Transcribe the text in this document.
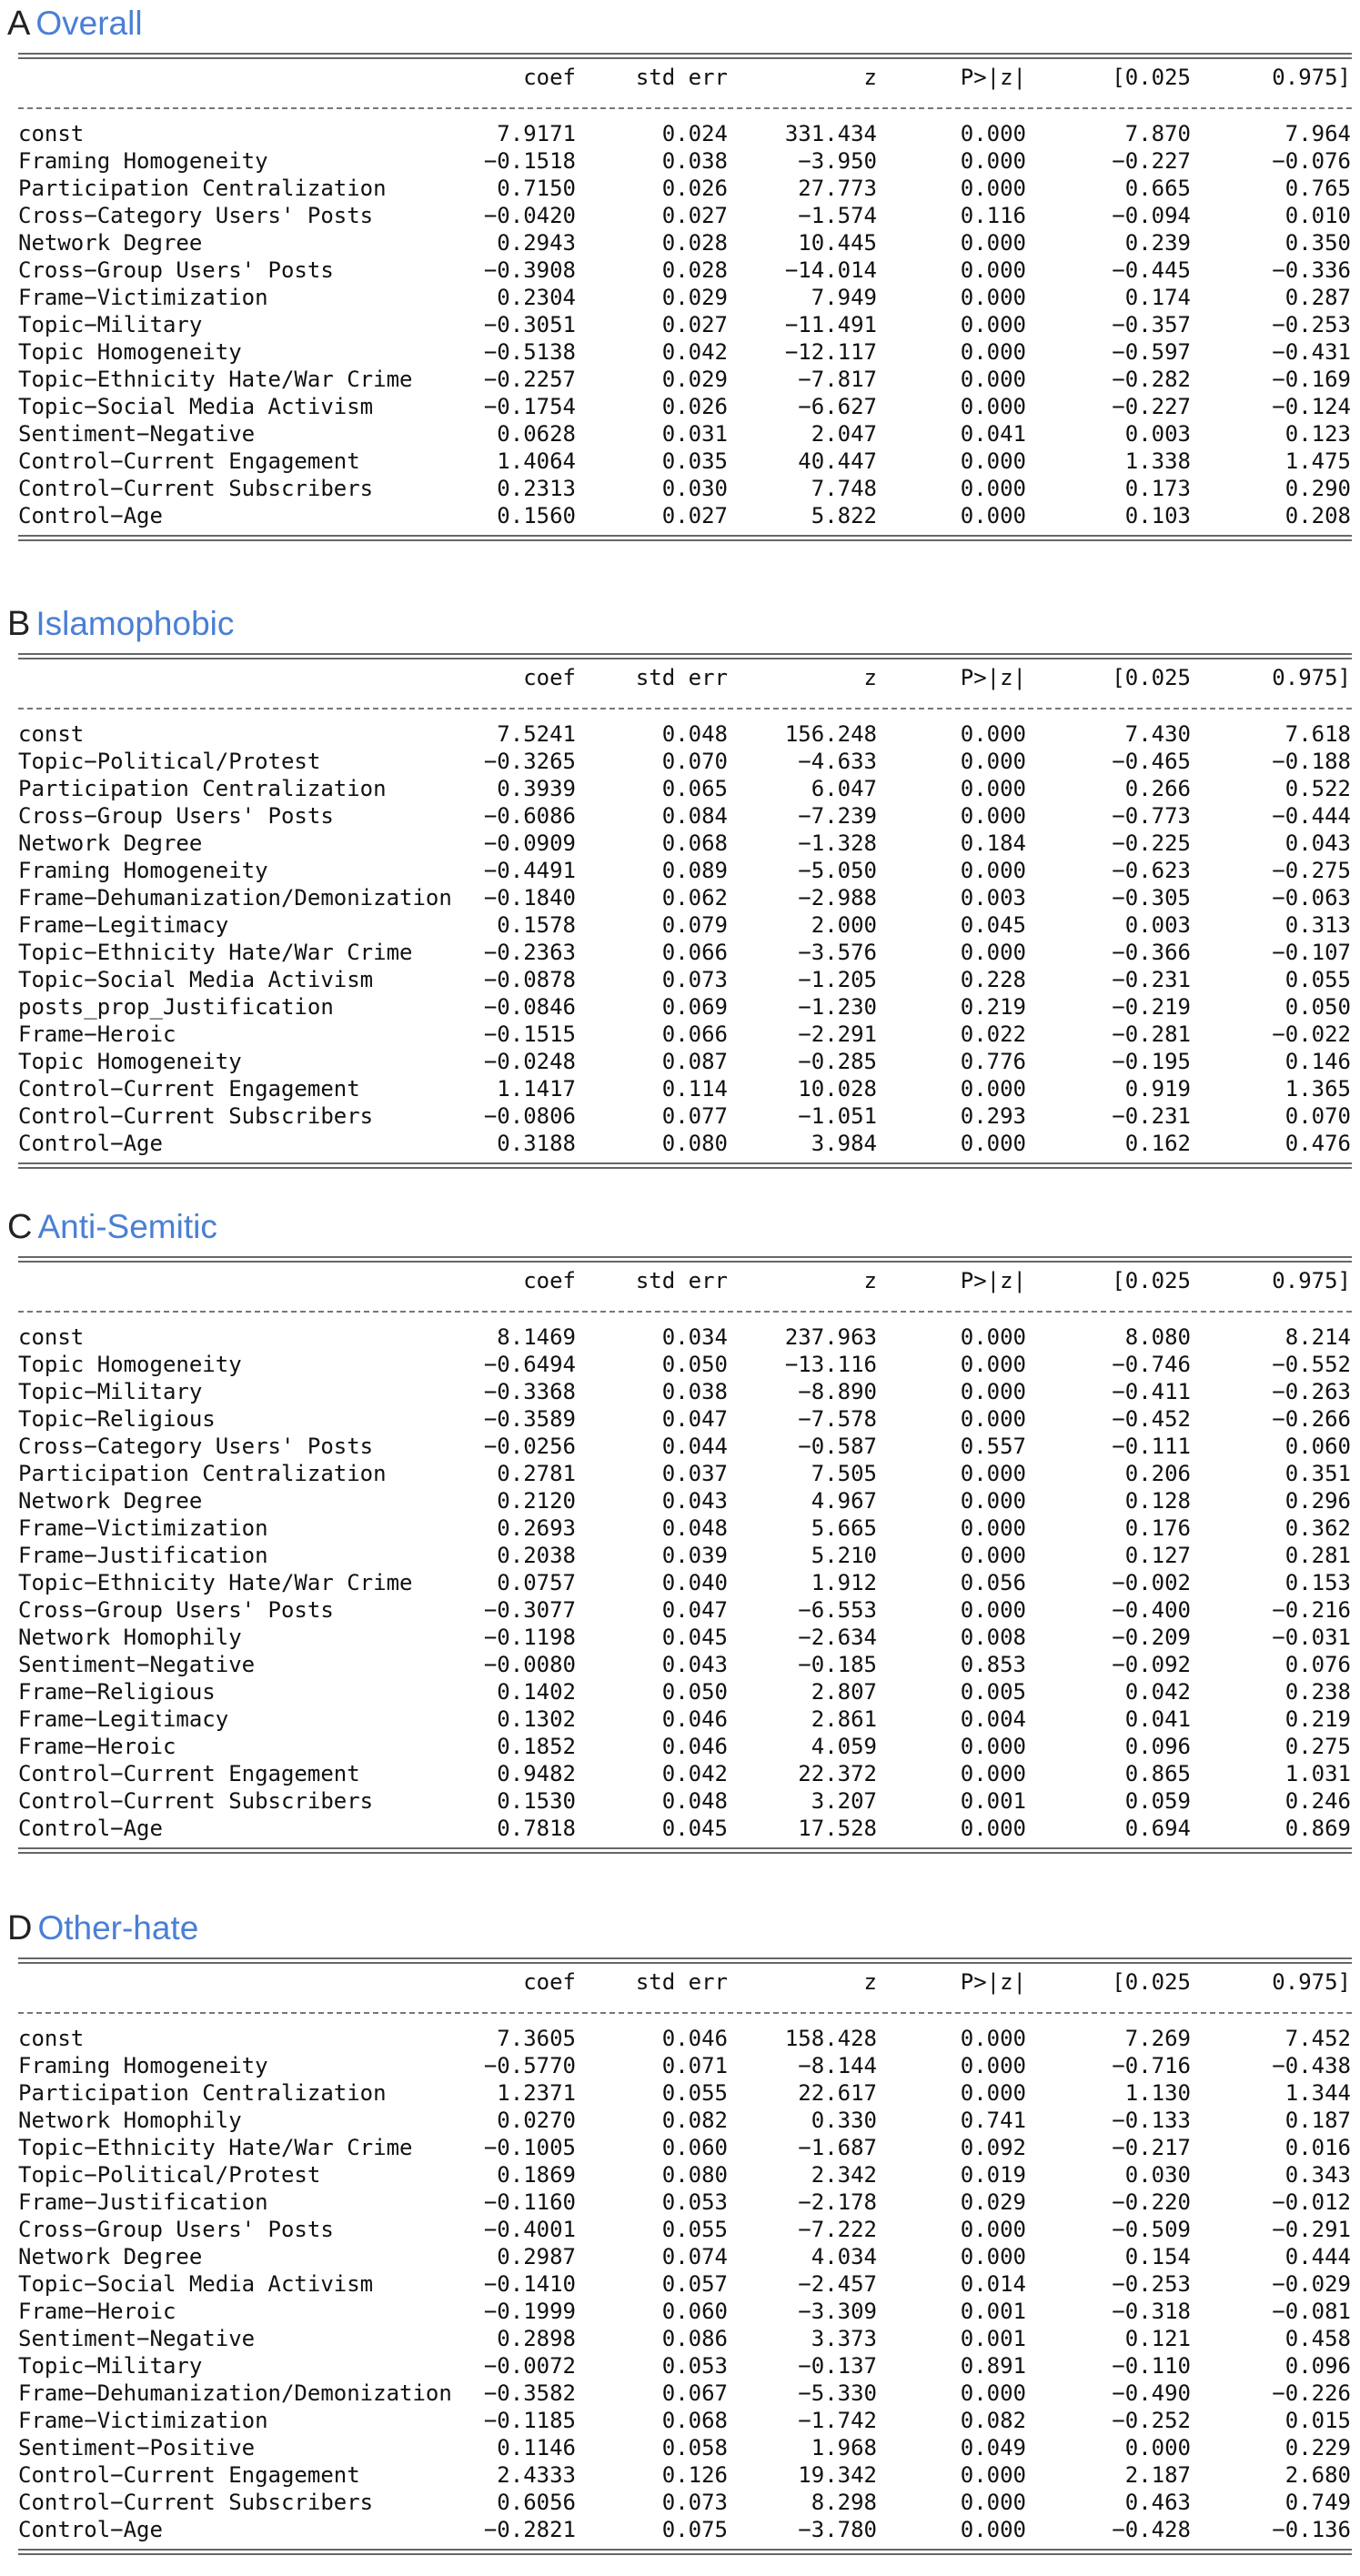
A Overall
coef	std err	z	P>|z|	[0.025	0.975]
const	7.9171	0.024	331.434	0.000	7.870	7.964
Framing Homogeneity	−0.1518	0.038	−3.950	0.000	−0.227	−0.076
Participation Centralization	0.7150	0.026	27.773	0.000	0.665	0.765
Cross−Category Users' Posts	−0.0420	0.027	−1.574	0.116	−0.094	0.010
Network Degree	0.2943	0.028	10.445	0.000	0.239	0.350
Cross−Group Users' Posts	−0.3908	0.028	−14.014	0.000	−0.445	−0.336
Frame−Victimization	0.2304	0.029	7.949	0.000	0.174	0.287
Topic−Military	−0.3051	0.027	−11.491	0.000	−0.357	−0.253
Topic Homogeneity	−0.5138	0.042	−12.117	0.000	−0.597	−0.431
Topic−Ethnicity Hate/War Crime	−0.2257	0.029	−7.817	0.000	−0.282	−0.169
Topic−Social Media Activism	−0.1754	0.026	−6.627	0.000	−0.227	−0.124
Sentiment−Negative	0.0628	0.031	2.047	0.041	0.003	0.123
Control−Current Engagement	1.4064	0.035	40.447	0.000	1.338	1.475
Control−Current Subscribers	0.2313	0.030	7.748	0.000	0.173	0.290
Control−Age	0.1560	0.027	5.822	0.000	0.103	0.208
B Islamophobic
coef	std err	z	P>|z|	[0.025	0.975]
const	7.5241	0.048	156.248	0.000	7.430	7.618
Topic−Political/Protest	−0.3265	0.070	−4.633	0.000	−0.465	−0.188
Participation Centralization	0.3939	0.065	6.047	0.000	0.266	0.522
Cross−Group Users' Posts	−0.6086	0.084	−7.239	0.000	−0.773	−0.444
Network Degree	−0.0909	0.068	−1.328	0.184	−0.225	0.043
Framing Homogeneity	−0.4491	0.089	−5.050	0.000	−0.623	−0.275
Frame−Dehumanization/Demonization −0.1840	0.062	−2.988	0.003	−0.305	−0.063
Frame−Legitimacy	0.1578	0.079	2.000	0.045	0.003	0.313
Topic−Ethnicity Hate/War Crime	−0.2363	0.066	−3.576	0.000	−0.366	−0.107
Topic−Social Media Activism	−0.0878	0.073	−1.205	0.228	−0.231	0.055
posts_prop_Justification	−0.0846	0.069	−1.230	0.219	−0.219	0.050
Frame−Heroic	−0.1515	0.066	−2.291	0.022	−0.281	−0.022
Topic Homogeneity	−0.0248	0.087	−0.285	0.776	−0.195	0.146
Control−Current Engagement	1.1417	0.114	10.028	0.000	0.919	1.365
Control−Current Subscribers	−0.0806	0.077	−1.051	0.293	−0.231	0.070
Control−Age	0.3188	0.080	3.984	0.000	0.162	0.476
C Anti-Semitic
coef	std err	z	P>|z|	[0.025	0.975]
const	8.1469	0.034	237.963	0.000	8.080	8.214
Topic Homogeneity	−0.6494	0.050	−13.116	0.000	−0.746	−0.552
Topic−Military	−0.3368	0.038	−8.890	0.000	−0.411	−0.263
Topic−Religious	−0.3589	0.047	−7.578	0.000	−0.452	−0.266
Cross−Category Users' Posts	−0.0256	0.044	−0.587	0.557	−0.111	0.060
Participation Centralization	0.2781	0.037	7.505	0.000	0.206	0.351
Network Degree	0.2120	0.043	4.967	0.000	0.128	0.296
Frame−Victimization	0.2693	0.048	5.665	0.000	0.176	0.362
Frame−Justification	0.2038	0.039	5.210	0.000	0.127	0.281
Topic−Ethnicity Hate/War Crime	0.0757	0.040	1.912	0.056	−0.002	0.153
Cross−Group Users' Posts	−0.3077	0.047	−6.553	0.000	−0.400	−0.216
Network Homophily	−0.1198	0.045	−2.634	0.008	−0.209	−0.031
Sentiment−Negative	−0.0080	0.043	−0.185	0.853	−0.092	0.076
Frame−Religious	0.1402	0.050	2.807	0.005	0.042	0.238
Frame−Legitimacy	0.1302	0.046	2.861	0.004	0.041	0.219
Frame−Heroic	0.1852	0.046	4.059	0.000	0.096	0.275
Control−Current Engagement	0.9482	0.042	22.372	0.000	0.865	1.031
Control−Current Subscribers	0.1530	0.048	3.207	0.001	0.059	0.246
Control−Age	0.7818	0.045	17.528	0.000	0.694	0.869
D Other-hate
coef	std err	z	P>|z|	[0.025	0.975]
const	7.3605	0.046	158.428	0.000	7.269	7.452
Framing Homogeneity	−0.5770	0.071	−8.144	0.000	−0.716	−0.438
Participation Centralization	1.2371	0.055	22.617	0.000	1.130	1.344
Network Homophily	0.0270	0.082	0.330	0.741	−0.133	0.187
Topic−Ethnicity Hate/War Crime	−0.1005	0.060	−1.687	0.092	−0.217	0.016
Topic−Political/Protest	0.1869	0.080	2.342	0.019	0.030	0.343
Frame−Justification	−0.1160	0.053	−2.178	0.029	−0.220	−0.012
Cross−Group Users' Posts	−0.4001	0.055	−7.222	0.000	−0.509	−0.291
Network Degree	0.2987	0.074	4.034	0.000	0.154	0.444
Topic−Social Media Activism	−0.1410	0.057	−2.457	0.014	−0.253	−0.029
Frame−Heroic	−0.1999	0.060	−3.309	0.001	−0.318	−0.081
Sentiment−Negative	0.2898	0.086	3.373	0.001	0.121	0.458
Topic−Military	−0.0072	0.053	−0.137	0.891	−0.110	0.096
Frame−Dehumanization/Demonization −0.3582	0.067	−5.330	0.000	−0.490	−0.226
Frame−Victimization	−0.1185	0.068	−1.742	0.082	−0.252	0.015
Sentiment−Positive	0.1146	0.058	1.968	0.049	0.000	0.229
Control−Current Engagement	2.4333	0.126	19.342	0.000	2.187	2.680
Control−Current Subscribers	0.6056	0.073	8.298	0.000	0.463	0.749
Control−Age	−0.2821	0.075	−3.780	0.000	−0.428	−0.136
